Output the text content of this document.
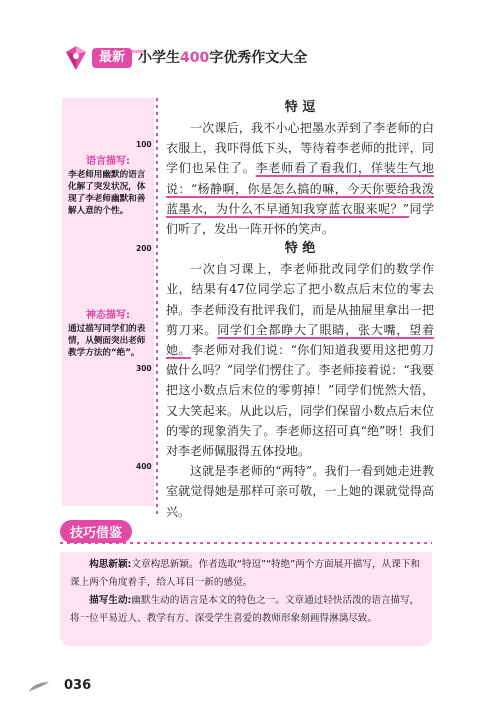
最新 小学生400字优秀作文大全
语言描写:
李老师用幽默的语言化解了突发状况，体现了李老师幽默和善解人意的个性。
神态描写:
通过描写同学们的表情，从侧面突出老师教学方法的“绝”。
100
200
300
400
特 逗

一次课后，我不小心把墨水弄到了李老师的白衣服上，我吓得低下头，等待着李老师的批评，同学们也呆住了。李老师看了看我们，佯装生气地说：“杨静啊，你是怎么搞的嘛，今天你要给我泼蓝墨水，为什么不早通知我穿蓝衣服来呢？”同学们听了，发出一阵开怀的笑声。

特 绝

一次自习课上，李老师批改同学们的数学作业，结果有47位同学忘了把小数点后末位的零去掉。李老师没有批评我们，而是从抽屉里拿出一把剪刀来。同学们全都睁大了眼睛，张大嘴，望着她。李老师对我们说：“你们知道我要用这把剪刀做什么吗？”同学们愣住了。李老师接着说：“我要把这小数点后末位的零剪掉！”同学们恍然大悟，又大笑起来。从此以后，同学们保留小数点后末位的零的现象消失了。李老师这招可真“绝”呀！我们对李老师佩服得五体投地。

这就是李老师的“两特”。我们一看到她走进教室就觉得她是那样可亲可敬，一上她的课就觉得高兴。

技巧借鉴

构思新颖:文章构思新颖。作者选取“特逗”“特绝”两个方面展开描写，从课下和课上两个角度着手，给人耳目一新的感觉。

描写生动:幽默生动的语言是本文的特色之一。文章通过轻快活泼的语言描写，将一位平易近人、教学有方、深受学生喜爱的教师形象刻画得淋漓尽致。

036
